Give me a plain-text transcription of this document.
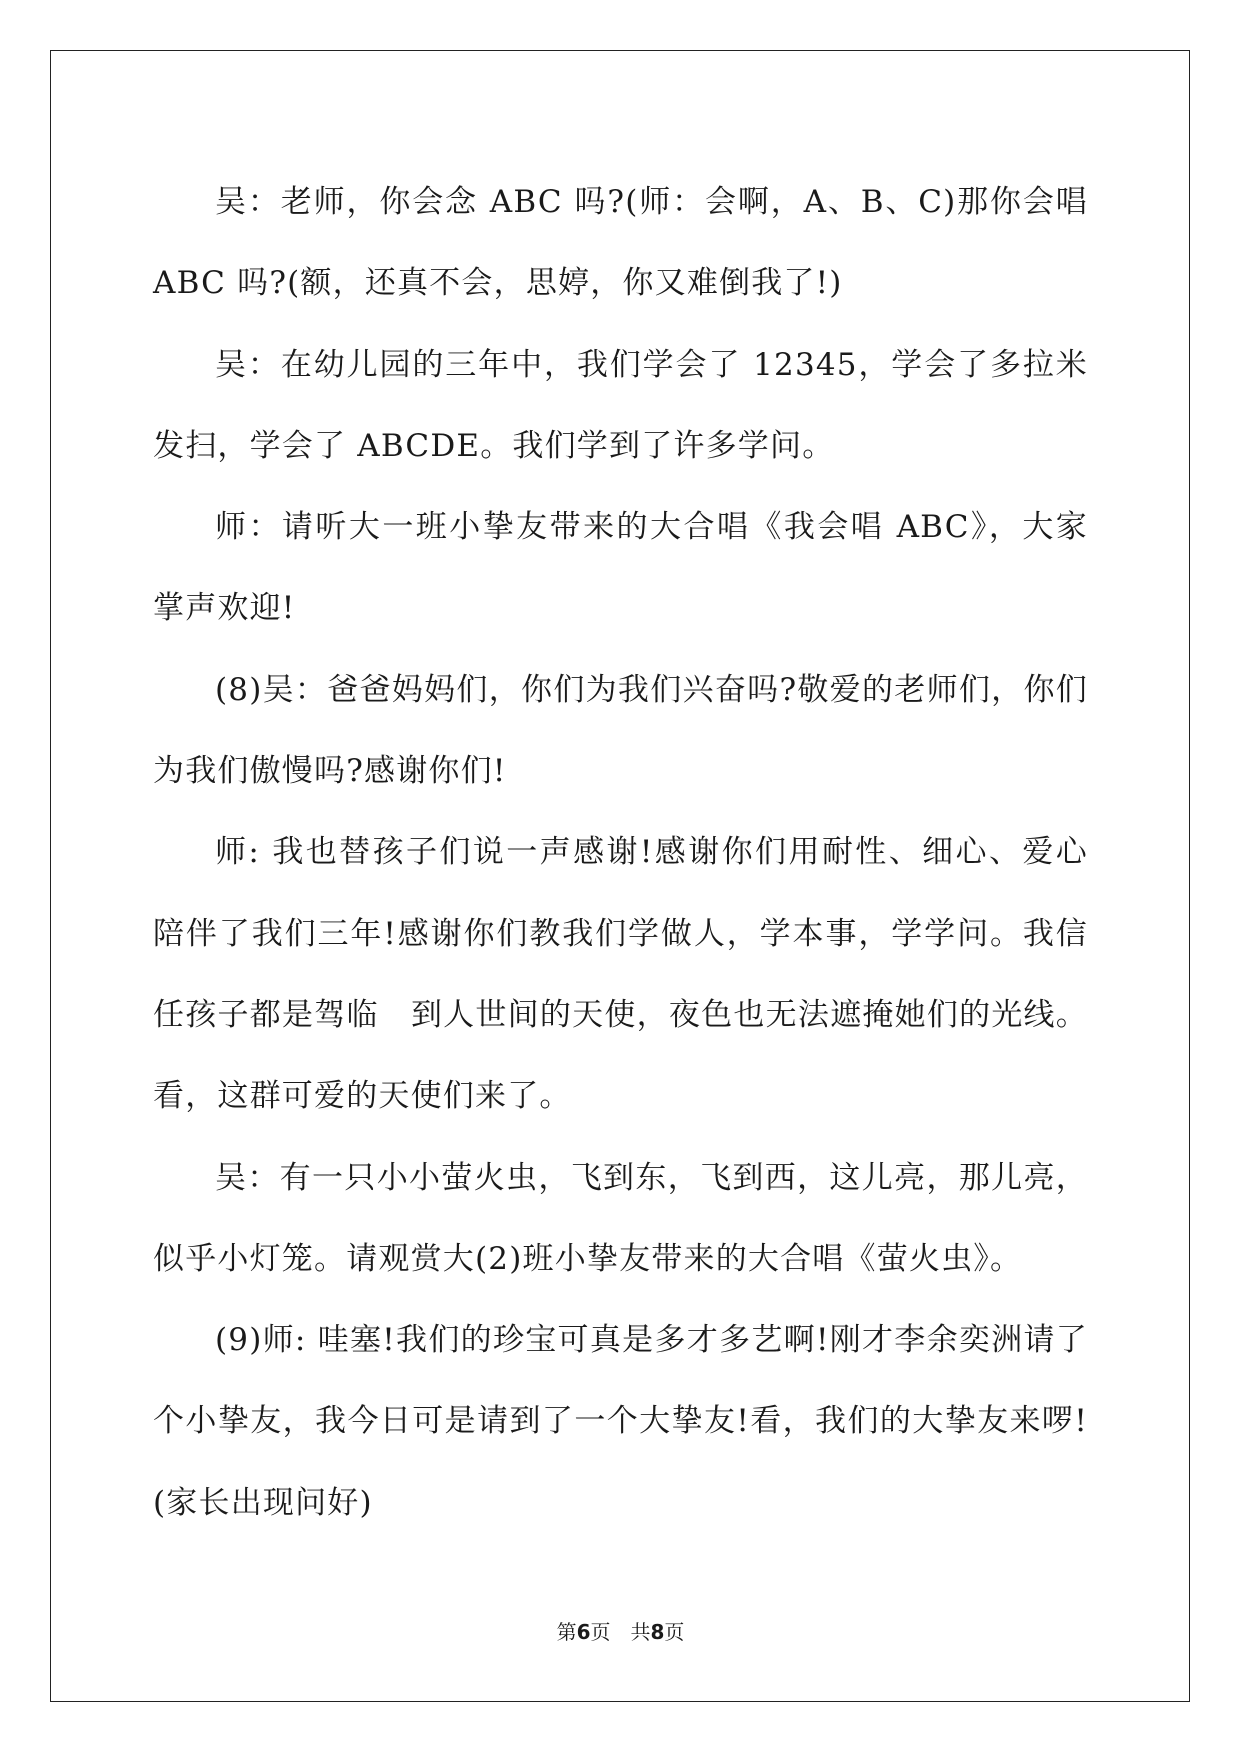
吴：老师，你会念 ABC 吗?(师：会啊，A、B、C)那你会唱 ABC 吗?(额，还真不会，思婷，你又难倒我了!)

吴：在幼儿园的三年中，我们学会了 12345，学会了多拉米发扫，学会了 ABCDE。我们学到了许多学问。

师：请听大一班小挚友带来的大合唱《我会唱 ABC》，大家掌声欢迎!

(8)吴：爸爸妈妈们，你们为我们兴奋吗?敬爱的老师们，你们为我们傲慢吗?感谢你们!

师: 我也替孩子们说一声感谢!感谢你们用耐性、细心、爱心陪伴了我们三年!感谢你们教我们学做人，学本事，学学问。我信任孩子都是驾临　到人世间的天使，夜色也无法遮掩她们的光线。看，这群可爱的天使们来了。

吴：有一只小小萤火虫，飞到东，飞到西，这儿亮，那儿亮，似乎小灯笼。请观赏大(2)班小挚友带来的大合唱《萤火虫》。

(9)师: 哇塞!我们的珍宝可真是多才多艺啊!刚才李余奕洲请了个小挚友，我今日可是请到了一个大挚友!看，我们的大挚友来啰!(家长出现问好)

第6页　共8页
